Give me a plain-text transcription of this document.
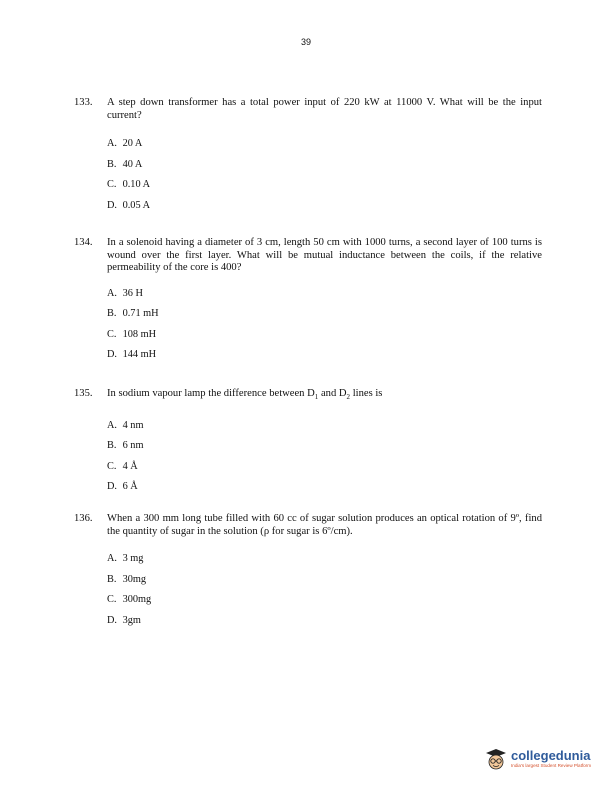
39
133.	A step down transformer has a total power input of 220 kW at 11000 V. What will be the input current?
A. 20 A
B. 40 A
C. 0.10 A
D. 0.05 A
134.	In a solenoid having a diameter of 3 cm, length 50 cm with 1000 turns, a second layer of 100 turns is wound over the first layer. What will be mutual inductance between the coils, if the relative permeability of the core is 400?
A. 36 H
B. 0.71 mH
C. 108 mH
D. 144 mH
135.	In sodium vapour lamp the difference between $D_1$ and $D_2$ lines is
A. 4 nm
B. 6 nm
C. 4 Å
D. 6 Å
136.	When a 300 mm long tube filled with 60 cc of sugar solution produces an optical rotation of 9º, find the quantity of sugar in the solution (ρ for sugar is 6º/cm).
A. 3 mg
B. 30mg
C. 300mg
D. 3gm
collegedunia
India's largest Student Review Platform
